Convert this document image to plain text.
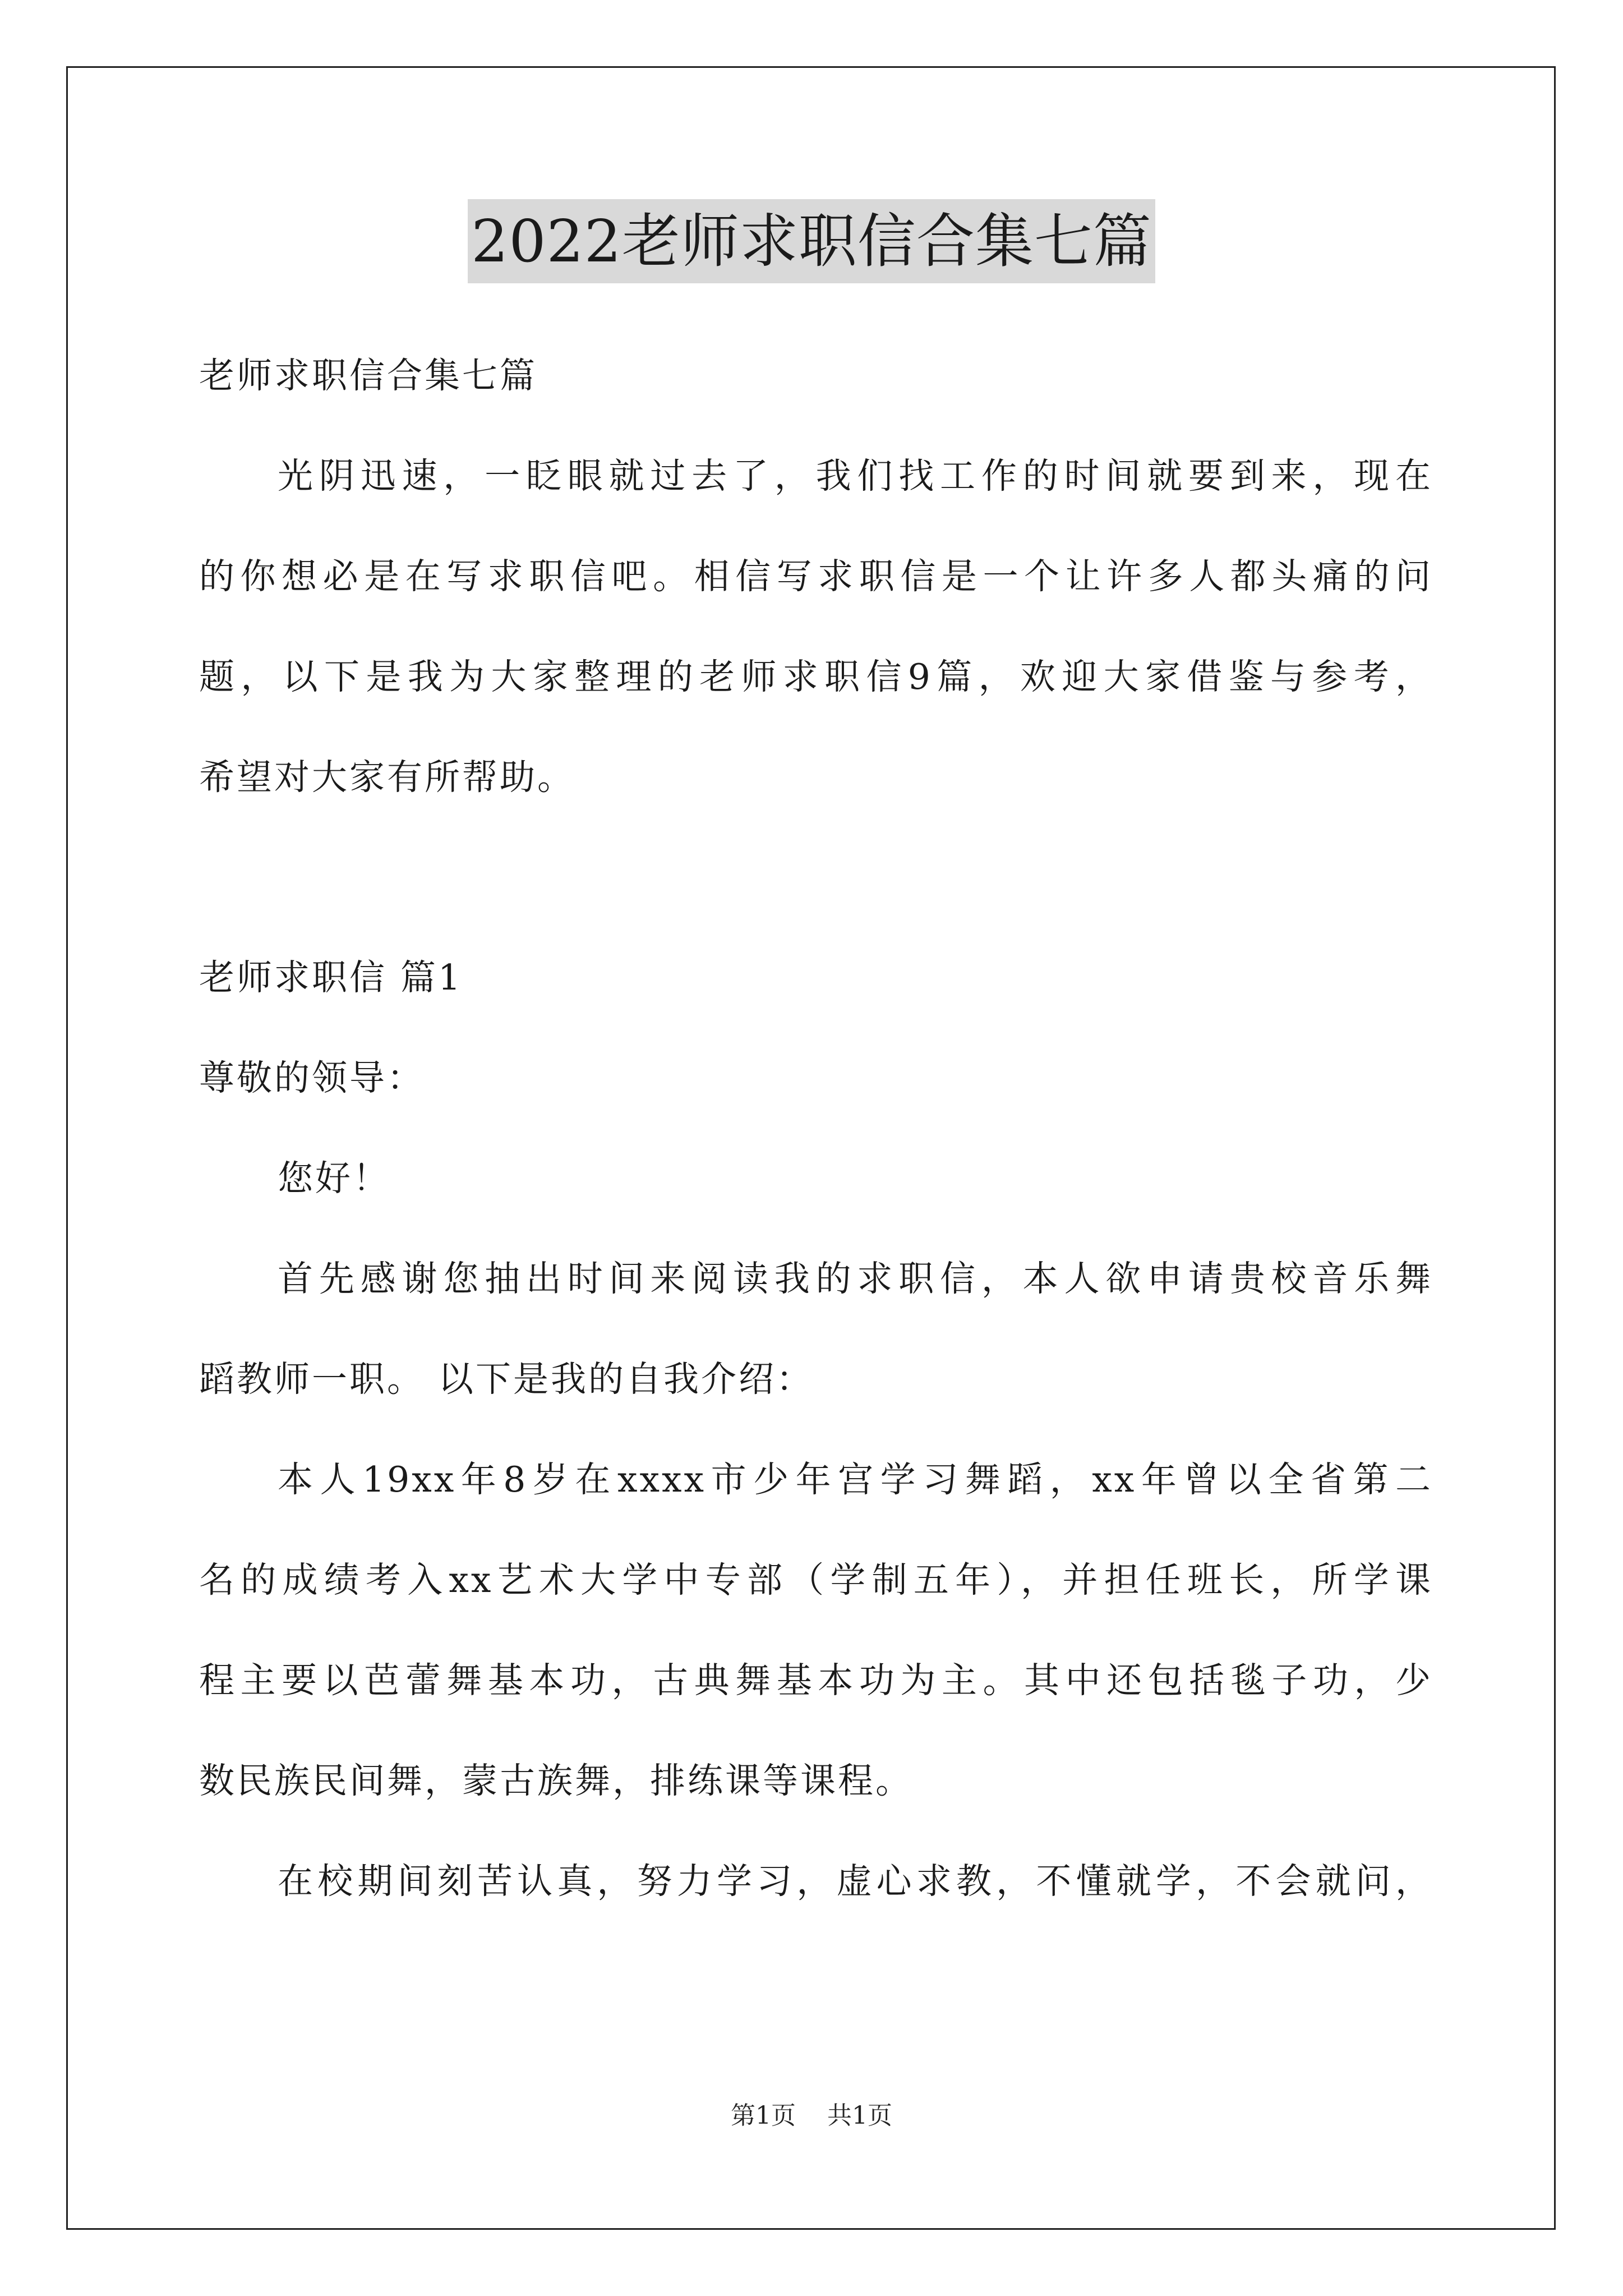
2022老师求职信合集七篇
老师求职信合集七篇
光阴迅速，一眨眼就过去了，我们找工作的时间就要到来，现在
的你想必是在写求职信吧。相信写求职信是一个让许多人都头痛的问
题，以下是我为大家整理的老师求职信9篇，欢迎大家借鉴与参考，
希望对大家有所帮助。
老师求职信 篇1
尊敬的领导：
您好！
首先感谢您抽出时间来阅读我的求职信，本人欲申请贵校音乐舞
蹈教师一职。 以下是我的自我介绍：
本人19xx年8岁在xxxx市少年宫学习舞蹈，xx年曾以全省第二
名的成绩考入xx艺术大学中专部（学制五年），并担任班长，所学课
程主要以芭蕾舞基本功，古典舞基本功为主。其中还包括毯子功，少
数民族民间舞，蒙古族舞，排练课等课程。
在校期间刻苦认真，努力学习，虚心求教，不懂就学，不会就问，
第1页 共1页
